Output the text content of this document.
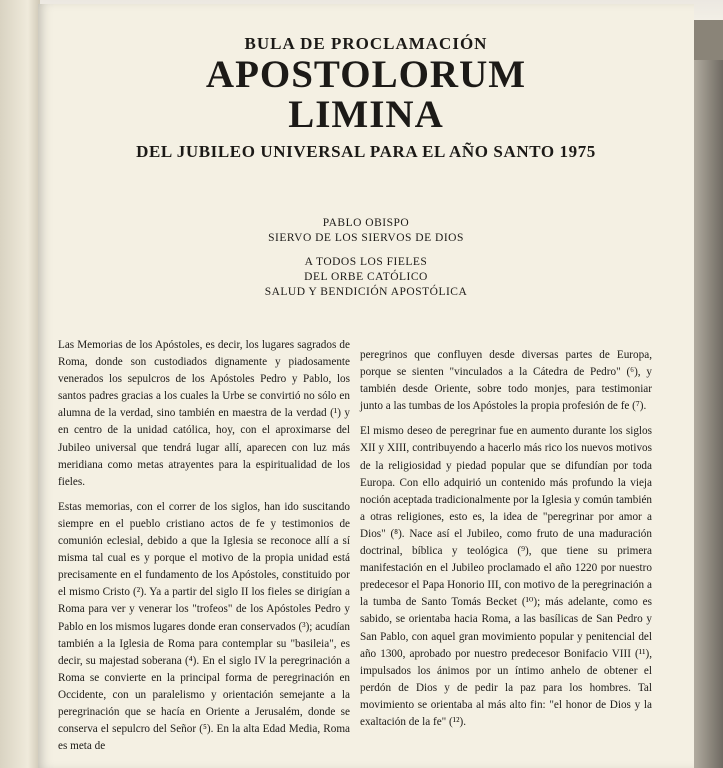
BULA DE PROCLAMACIÓN
APOSTOLORUM
LIMINA
DEL JUBILEO UNIVERSAL PARA EL AÑO SANTO 1975
PABLO OBISPO
SIERVO DE LOS SIERVOS DE DIOS
A TODOS LOS FIELES
DEL ORBE CATÓLICO
SALUD Y BENDICIÓN APOSTÓLICA

Las Memorias de los Apóstoles, es decir, los lugares sagrados de Roma, donde son custodiados dignamente y piadosamente venerados los sepulcros de los Apóstoles Pedro y Pablo, los santos padres gracias a los cuales la Urbe se convirtió no sólo en alumna de la verdad, sino también en maestra de la verdad (¹) y en centro de la unidad católica, hoy, con el aproximarse del Jubileo universal que tendrá lugar allí, aparecen con luz más meridiana como metas atrayentes para la espiritualidad de los fieles.

Estas memorias, con el correr de los siglos, han ido suscitando siempre en el pueblo cristiano actos de fe y testimonios de comunión eclesial, debido a que la Iglesia se reconoce allí a sí misma tal cual es y porque el motivo de la propia unidad está precisamente en el fundamento de los Apóstoles, constituido por el mismo Cristo (²). Ya a partir del siglo II los fieles se dirigían a Roma para ver y venerar los "trofeos" de los Apóstoles Pedro y Pablo en los mismos lugares donde eran conservados (³); acudían también a la Iglesia de Roma para contemplar su "basileia", es decir, su majestad soberana (⁴). En el siglo IV la peregrinación a Roma se convierte en la principal forma de peregrinación en Occidente, con un paralelismo y orientación semejante a la peregrinación que se hacía en Oriente a Jerusalém, donde se conserva el sepulcro del Señor (⁵). En la alta Edad Media, Roma es meta de

peregrinos que confluyen desde diversas partes de Europa, porque se sienten "vinculados a la Cátedra de Pedro" (⁶), y también desde Oriente, sobre todo monjes, para testimoniar junto a las tumbas de los Apóstoles la propia profesión de fe (⁷).

El mismo deseo de peregrinar fue en aumento durante los siglos XII y XIII, contribuyendo a hacerlo más rico los nuevos motivos de la religiosidad y piedad popular que se difundían por toda Europa. Con ello adquirió un contenido más profundo la vieja noción aceptada tradicionalmente por la Iglesia y común también a otras religiones, esto es, la idea de "peregrinar por amor a Dios" (⁸). Nace así el Jubileo, como fruto de una maduración doctrinal, bíblica y teológica (⁹), que tiene su primera manifestación en el Jubileo proclamado el año 1220 por nuestro predecesor el Papa Honorio III, con motivo de la peregrinación a la tumba de Santo Tomás Becket (¹⁰); más adelante, como es sabido, se orientaba hacia Roma, a las basílicas de San Pedro y San Pablo, con aquel gran movimiento popular y penitencial del año 1300, aprobado por nuestro predecesor Bonifacio VIII (¹¹), impulsados los ánimos por un íntimo anhelo de obtener el perdón de Dios y de pedir la paz para los hombres. Tal movimiento se orientaba al más alto fin: "el honor de Dios y la exaltación de la fe" (¹²).
